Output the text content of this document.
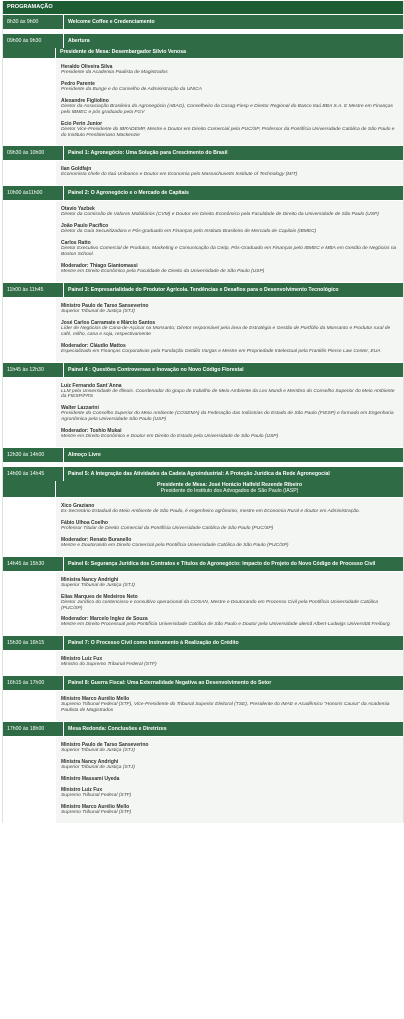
PROGRAMAÇÃO
8h30 às 9h00	Welcome Coffee e Credenciamento
09h00 às 9h30	Abertura
Presidente de Mesa: Desembargador Silvio Venosa
Heraldo Oliveira Silva
Presidente da Academia Paulista de Magistrados
Pedro Parente
Presidente da Bunge e do Conselho de Administração da UNICA
Alexandre Figliolino
Diretor da Associação Brasileira do Agronegócio (ABAG), Conselheiro da Cosag-Fiesp e Diretor Regional do Banco Itaú BBA S.A. E Mestre em Finanças pelo IBMEC e pós graduado pela FGV
Ecio Perin Junior
Diretor Vice-Presidente do IBRADEMP, Mestre e Doutor em Direito Comercial pela PUC/SP, Professor da Pontifícia Universidade Católica de São Paulo e do Instituto Presbiteriano Mackenzie
09h30 às 10h00	Painel 1: Agronegócio: Uma Solução para Crescimento do Brasil
Ilan Goldfajn
Economista chefe do Itaú Unibanco e Doutor em Economia pelo Massachusetts Institute of Technology (MIT)
10h00 às11h00	Painel 2: O Agronegócio e o Mercado de Capitais
Otavio Yazbek
Diretor da Comissão de Valores Mobiliários (CVM) e Doutor em Direito Econômico pela Faculdade de Direito da Universidade de São Paulo (USP)
João Paulo Pacífico
Diretor da Gaia Securitizadora e Pós-graduado em Finanças pelo Instituto Brasileiro de Mercado de Capitais (IBMEC)
Carlos Ratto
Diretor Executivo Comercial de Produtos, Marketing e Comunicação da Cetip, Pós-Graduado em Finanças pelo IBMEC e MBA em Gestão de Negócios na Boston School.
Moderador: Thiago Giantomassi
Mestre em Direito Econômico pela Faculdade de Direito da Universidade de São Paulo (USP)
11h00 às 11h45	Painel 3: Empresarialidade do Produtor Agrícola. Tendências e Desafios para o Desenvolvimento Tecnológico
Ministro Paulo de Tarso Sanseverino
Superior Tribunal de Justiça (STJ)
José Carlos Carramate e Márcio Santos
Líder de Negócios de Cana-de-Açúcar na Monsanto; Diretor responsável pela área de Estratégia e Gestão de Portfólio da Monsanto e Produtor rural de café, milho, cana e soja, respectivamente
Moderador: Cláudio Mattos
Especializado em Finanças Corporativas pela Fundação Getúlio Vargas e Mestre em Propriedade Intelectual pela Franklin Pierce Law Center, EUA
11h45 às 12h30	Painel 4 : Questões Controversas e Inovação no Novo Código Florestal
Luiz Fernando Sant´Anna
LLM pela Universidade de Illinois. Coordenador do grupo de trabalho de Meio Ambiente da Lex Mundi e Membro do Conselho Superior do Meio Ambiente da FIESP/FRS
Walter Lazzarini
Presidente do Conselho Superior do Meio Ambiente (COSEMA) da Federação das Indústrias do Estado de São Paulo (FIESP) e formado em Engenharia Agronômica pela Universidade São Paulo (USP)
Moderador: Toshio Mukai
Mestre em Direito Econômico e Doutor em Direito do Estado pela Universidade de São Paulo (USP)
12h30 às 14h00	Almoço Livre
14h00 às 14h45	Painel 5: A Integração das Atividades da Cadeia Agroindustrial: A Proteção Jurídica da Rede Agronegocial
Presidente de Mesa: José Horácio Halfeld Rezende Ribeiro
Presidente do Instituto dos Advogados de São Paulo (IASP)
Xico Graziano
Ex-Secretário Estadual do Meio Ambiente de São Paulo, é engenheiro agrônomo, mestre em Economia Rural e doutor em Administração.
Fábio Ulhoa Coelho
Professor Titular de Direito Comercial da Pontifícia Universidade Católica de São Paulo (PUC/SP)
Moderador: Renato Buranello
Mestre e Doutorando em Direito Comercial pela Pontifícia Universidade Católica de São Paulo (PUC/SP)
14h45 às 15h30	Painel 6: Segurança Jurídica dos Contratos e Títulos do Agronegócio: Impacto do Projeto do Novo Código de Processo Civil
Ministra Nancy Andrighi
Superior Tribunal de Justiça (STJ)
Elias Marques de Medeiros Neto
Diretor Jurídico do contencioso e consultivo operacional da COSAN, Mestre e Doutorando em Processo Civil pela Pontifícia Universidade Católica (PUC/SP)
Moderador: Marcelo Inglez de Souza
Mestre em Direito Processual pela Pontifícia Universidade Católica de São Paulo e Doutor pela Universidade alemã Albert-Ludwigs Universität Freiburg
15h30 às 16h15	Painel 7: O Processo Civil como Instrumento à Realização do Crédito
Ministro Luiz Fux
Ministro do Supremo Tribunal Federal (STF)
16h15 às 17h00	Painel 8: Guerra Fiscal: Uma Externalidade Negativa ao Desenvolvimento do Setor
Ministro Marco Aurélio Mello
Supremo Tribunal Federal (STF), Vice-Presidente do Tribunal Superior Eleitoral (TSE), Presidente do IMAE e Acadêmico "Honoris Causa" da Academia Paulista de Magistrados
17h00 às 18h00	Mesa Redonda: Conclusões e Diretrizes
Ministro Paulo de Tarso Sanseverino
Superior Tribunal de Justiça (STJ)
Ministra Nancy Andrighi
Superior Tribunal de Justiça (STJ)
Ministro Massami Uyeda
Ministro Luiz Fux
Supremo Tribunal Federal (STF)
Ministro Marco Aurélio Mello
Supremo Tribunal Federal (STF)
